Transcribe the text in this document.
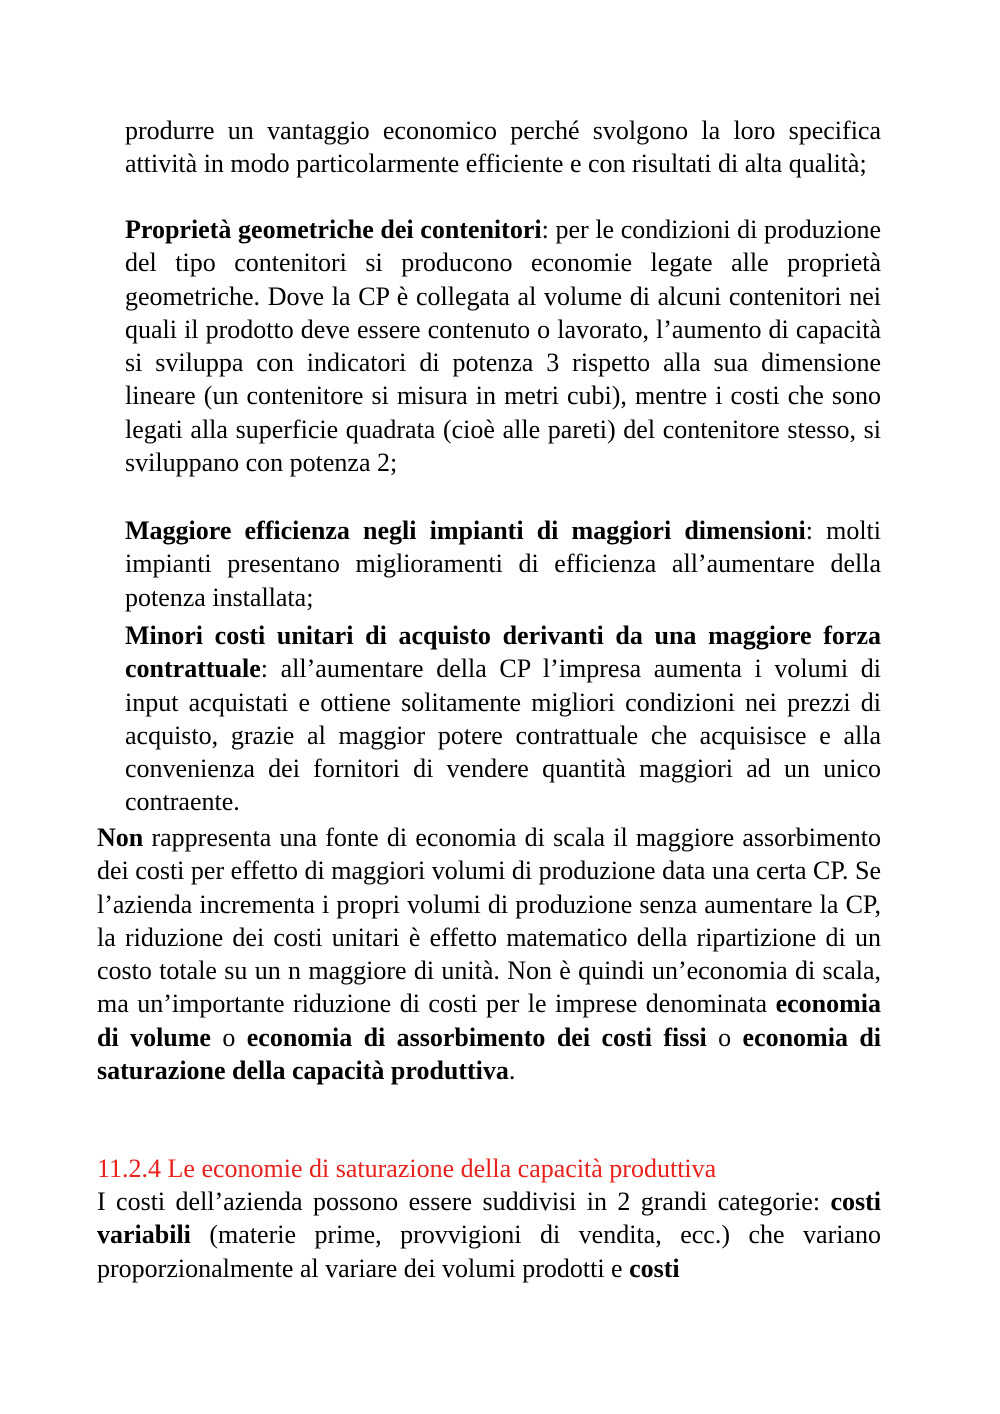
produrre un vantaggio economico perché svolgono la loro specifica attività in modo particolarmente efficiente e con risultati di alta qualità;

Proprietà geometriche dei contenitori: per le condizioni di produzione del tipo contenitori si producono economie legate alle proprietà geometriche. Dove la CP è collegata al volume di alcuni contenitori nei quali il prodotto deve essere contenuto o lavorato, l’aumento di capacità si sviluppa con indicatori di potenza 3 rispetto alla sua dimensione lineare (un contenitore si misura in metri cubi), mentre i costi che sono legati alla superficie quadrata (cioè alle pareti) del contenitore stesso, si sviluppano con potenza 2;

Maggiore efficienza negli impianti di maggiori dimensioni: molti impianti presentano miglioramenti di efficienza all’aumentare della potenza installata;

Minori costi unitari di acquisto derivanti da una maggiore forza contrattuale: all’aumentare della CP l’impresa aumenta i volumi di input acquistati e ottiene solitamente migliori condizioni nei prezzi di acquisto, grazie al maggior potere contrattuale che acquisisce e alla convenienza dei fornitori di vendere quantità maggiori ad un unico contraente.

Non rappresenta una fonte di economia di scala il maggiore assorbimento dei costi per effetto di maggiori volumi di produzione data una certa CP. Se l’azienda incrementa i propri volumi di produzione senza aumentare la CP, la riduzione dei costi unitari è effetto matematico della ripartizione di un costo totale su un n maggiore di unità. Non è quindi un’economia di scala, ma un’importante riduzione di costi per le imprese denominata economia di volume o economia di assorbimento dei costi fissi o economia di saturazione della capacità produttiva.

11.2.4 Le economie di saturazione della capacità produttiva

I costi dell’azienda possono essere suddivisi in 2 grandi categorie: costi variabili (materie prime, provvigioni di vendita, ecc.) che variano proporzionalmente al variare dei volumi prodotti e costi
